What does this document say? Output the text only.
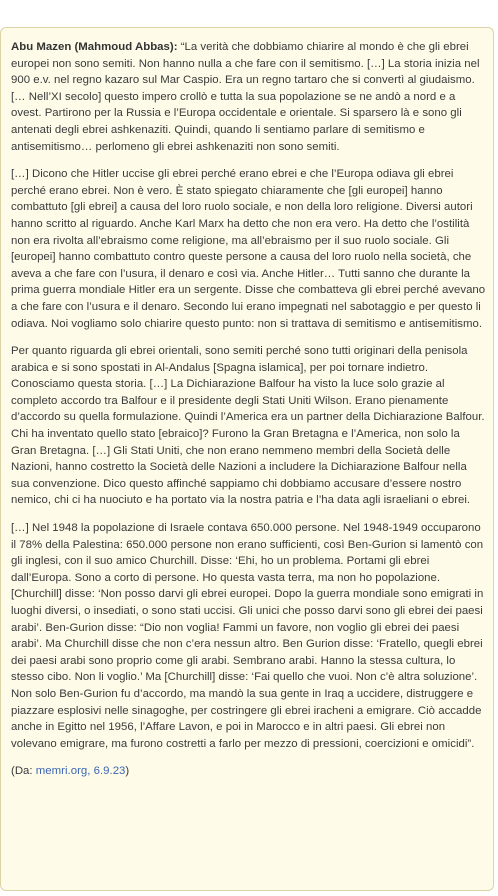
Abu Mazen (Mahmoud Abbas): “La verità che dobbiamo chiarire al mondo è che gli ebrei europei non sono semiti. Non hanno nulla a che fare con il semitismo. […] La storia inizia nel 900 e.v. nel regno kazaro sul Mar Caspio. Era un regno tartaro che si convertì al giudaismo. [… Nell’XI secolo] questo impero crollò e tutta la sua popolazione se ne andò a nord e a ovest. Partirono per la Russia e l’Europa occidentale e orientale. Si sparsero là e sono gli antenati degli ebrei ashkenaziti. Quindi, quando li sentiamo parlare di semitismo e antisemitismo… perlomeno gli ebrei ashkenaziti non sono semiti.

[…] Dicono che Hitler uccise gli ebrei perché erano ebrei e che l’Europa odiava gli ebrei perché erano ebrei. Non è vero. È stato spiegato chiaramente che [gli europei] hanno combattuto [gli ebrei] a causa del loro ruolo sociale, e non della loro religione. Diversi autori hanno scritto al riguardo. Anche Karl Marx ha detto che non era vero. Ha detto che l’ostilità non era rivolta all’ebraismo come religione, ma all’ebraismo per il suo ruolo sociale. Gli [europei] hanno combattuto contro queste persone a causa del loro ruolo nella società, che aveva a che fare con l’usura, il denaro e così via. Anche Hitler… Tutti sanno che durante la prima guerra mondiale Hitler era un sergente. Disse che combatteva gli ebrei perché avevano a che fare con l’usura e il denaro. Secondo lui erano impegnati nel sabotaggio e per questo li odiava. Noi vogliamo solo chiarire questo punto: non si trattava di semitismo e antisemitismo.

Per quanto riguarda gli ebrei orientali, sono semiti perché sono tutti originari della penisola arabica e si sono spostati in Al-Andalus [Spagna islamica], per poi tornare indietro. Conosciamo questa storia. […] La Dichiarazione Balfour ha visto la luce solo grazie al completo accordo tra Balfour e il presidente degli Stati Uniti Wilson. Erano pienamente d’accordo su quella formulazione. Quindi l’America era un partner della Dichiarazione Balfour. Chi ha inventato quello stato [ebraico]? Furono la Gran Bretagna e l’America, non solo la Gran Bretagna. […] Gli Stati Uniti, che non erano nemmeno membri della Società delle Nazioni, hanno costretto la Società delle Nazioni a includere la Dichiarazione Balfour nella sua convenzione. Dico questo affinché sappiamo chi dobbiamo accusare d’essere nostro nemico, chi ci ha nuociuto e ha portato via la nostra patria e l’ha data agli israeliani o ebrei.

[…] Nel 1948 la popolazione di Israele contava 650.000 persone. Nel 1948-1949 occuparono il 78% della Palestina: 650.000 persone non erano sufficienti, così Ben-Gurion si lamentò con gli inglesi, con il suo amico Churchill. Disse: ‘Ehi, ho un problema. Portami gli ebrei dall’Europa. Sono a corto di persone. Ho questa vasta terra, ma non ho popolazione. [Churchill] disse: ‘Non posso darvi gli ebrei europei. Dopo la guerra mondiale sono emigrati in luoghi diversi, o insediati, o sono stati uccisi. Gli unici che posso darvi sono gli ebrei dei paesi arabi’. Ben-Gurion disse: “Dio non voglia! Fammi un favore, non voglio gli ebrei dei paesi arabi’. Ma Churchill disse che non c’era nessun altro. Ben Gurion disse: ‘Fratello, quegli ebrei dei paesi arabi sono proprio come gli arabi. Sembrano arabi. Hanno la stessa cultura, lo stesso cibo. Non li voglio.’ Ma [Churchill] disse: ‘Fai quello che vuoi. Non c’è altra soluzione’. Non solo Ben-Gurion fu d’accordo, ma mandò la sua gente in Iraq a uccidere, distruggere e piazzare esplosivi nelle sinagoghe, per costringere gli ebrei iracheni a emigrare. Ciò accadde anche in Egitto nel 1956, l’Affare Lavon, e poi in Marocco e in altri paesi. Gli ebrei non volevano emigrare, ma furono costretti a farlo per mezzo di pressioni, coercizioni e omicidi”.

(Da: memri.org, 6.9.23)
